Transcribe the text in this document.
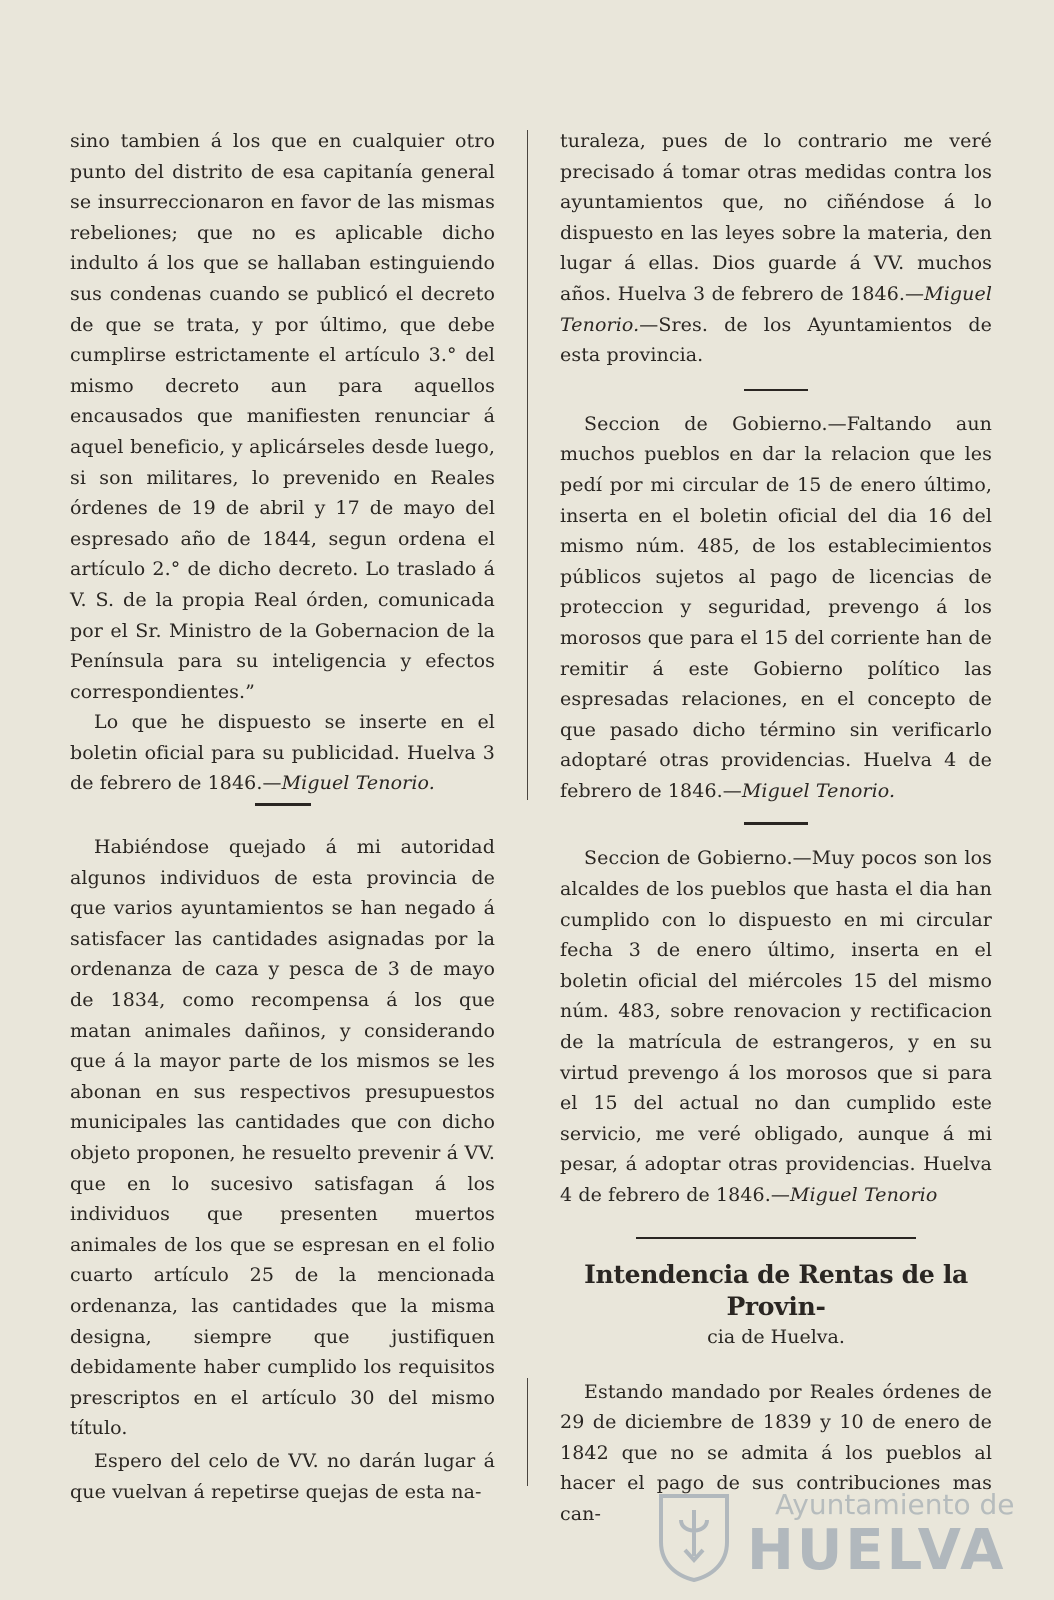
sino tambien á los que en cualquier otro punto del distrito de esa capitanía general se insurreccionaron en favor de las mismas rebeliones; que no es aplicable dicho indulto á los que se hallaban estinguiendo sus condenas cuando se publicó el decreto de que se trata, y por último, que debe cumplirse estrictamente el artículo 3.° del mismo decreto aun para aquellos encausados que manifiesten renunciar á aquel beneficio, y aplicárseles desde luego, si son militares, lo prevenido en Reales órdenes de 19 de abril y 17 de mayo del espresado año de 1844, segun ordena el artículo 2.° de dicho decreto. Lo traslado á V. S. de la propia Real órden, comunicada por el Sr. Ministro de la Gobernacion de la Península para su inteligencia y efectos correspondientes.”

Lo que he dispuesto se inserte en el boletin oficial para su publicidad. Huelva 3 de febrero de 1846.—Miguel Tenorio.

Habiéndose quejado á mi autoridad algunos individuos de esta provincia de que varios ayuntamientos se han negado á satisfacer las cantidades asignadas por la ordenanza de caza y pesca de 3 de mayo de 1834, como recompensa á los que matan animales dañinos, y considerando que á la mayor parte de los mismos se les abonan en sus respectivos presupuestos municipales las cantidades que con dicho objeto proponen, he resuelto prevenir á VV. que en lo sucesivo satisfagan á los individuos que presenten muertos animales de los que se espresan en el folio cuarto artículo 25 de la mencionada ordenanza, las cantidades que la misma designa, siempre que justifiquen debidamente haber cumplido los requisitos prescriptos en el artículo 30 del mismo título.

Espero del celo de VV. no darán lugar á que vuelvan á repetirse quejas de esta na-

turaleza, pues de lo contrario me veré precisado á tomar otras medidas contra los ayuntamientos que, no ciñéndose á lo dispuesto en las leyes sobre la materia, den lugar á ellas. Dios guarde á VV. muchos años. Huelva 3 de febrero de 1846.—Miguel Tenorio.—Sres. de los Ayuntamientos de esta provincia.

Seccion de Gobierno.—Faltando aun muchos pueblos en dar la relacion que les pedí por mi circular de 15 de enero último, inserta en el boletin oficial del dia 16 del mismo núm. 485, de los establecimientos públicos sujetos al pago de licencias de proteccion y seguridad, prevengo á los morosos que para el 15 del corriente han de remitir á este Gobierno político las espresadas relaciones, en el concepto de que pasado dicho término sin verificarlo adoptaré otras providencias. Huelva 4 de febrero de 1846.—Miguel Tenorio.

Seccion de Gobierno.—Muy pocos son los alcaldes de los pueblos que hasta el dia han cumplido con lo dispuesto en mi circular fecha 3 de enero último, inserta en el boletin oficial del miércoles 15 del mismo núm. 483, sobre renovacion y rectificacion de la matrícula de estrangeros, y en su virtud prevengo á los morosos que si para el 15 del actual no dan cumplido este servicio, me veré obligado, aunque á mi pesar, á adoptar otras providencias. Huelva 4 de febrero de 1846.—Miguel Tenorio

Intendencia de Rentas de la Provin-
cia de Huelva.

Estando mandado por Reales órdenes de 29 de diciembre de 1839 y 10 de enero de 1842 que no se admita á los pueblos al hacer el pago de sus contribuciones mas can-	Ayuntamiento de
HUELVA
